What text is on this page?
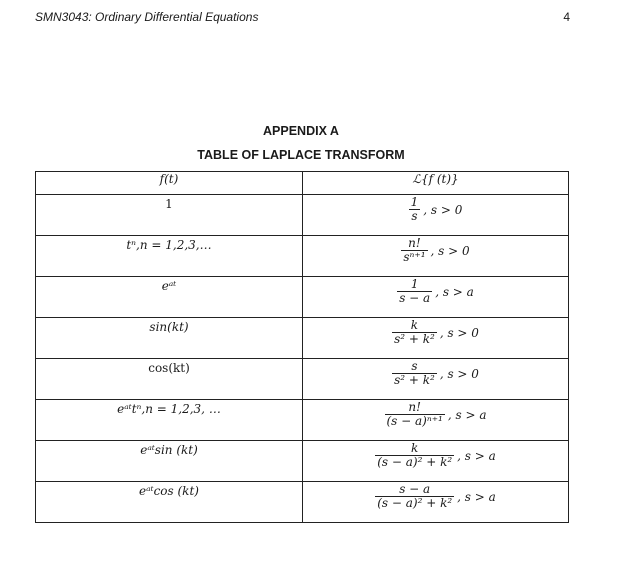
SMN3043: Ordinary Differential Equations	4
APPENDIX A
TABLE OF LAPLACE TRANSFORM
f(t)	ℒ{f (t)}
1	$\frac{1}{s}$ , s > 0

tⁿ,n = 1,2,3,…	$\frac{n!}{\text{sⁿ⁺¹}}$ , s > 0

eᵃᵗ	$\frac{1}{s - a}$ , s > a

sin(kt)	$\frac{k}{\text{s² + k²}}$ , s > 0

cos(kt)	$\frac{s}{\text{s² + k²}}$ , s > 0

eᵃᵗtⁿ,n = 1,2,3, …	$\frac{n!}{\text{(s − a)ⁿ⁺¹}}$ , s > a

eᵃᵗsin (kt)	$\frac{k}{\text{(s − a)² + k²}}$ , s > a

eᵃᵗcos (kt)	$\frac{s - a}{\text{(s − a)² + k²}}$ , s > a
